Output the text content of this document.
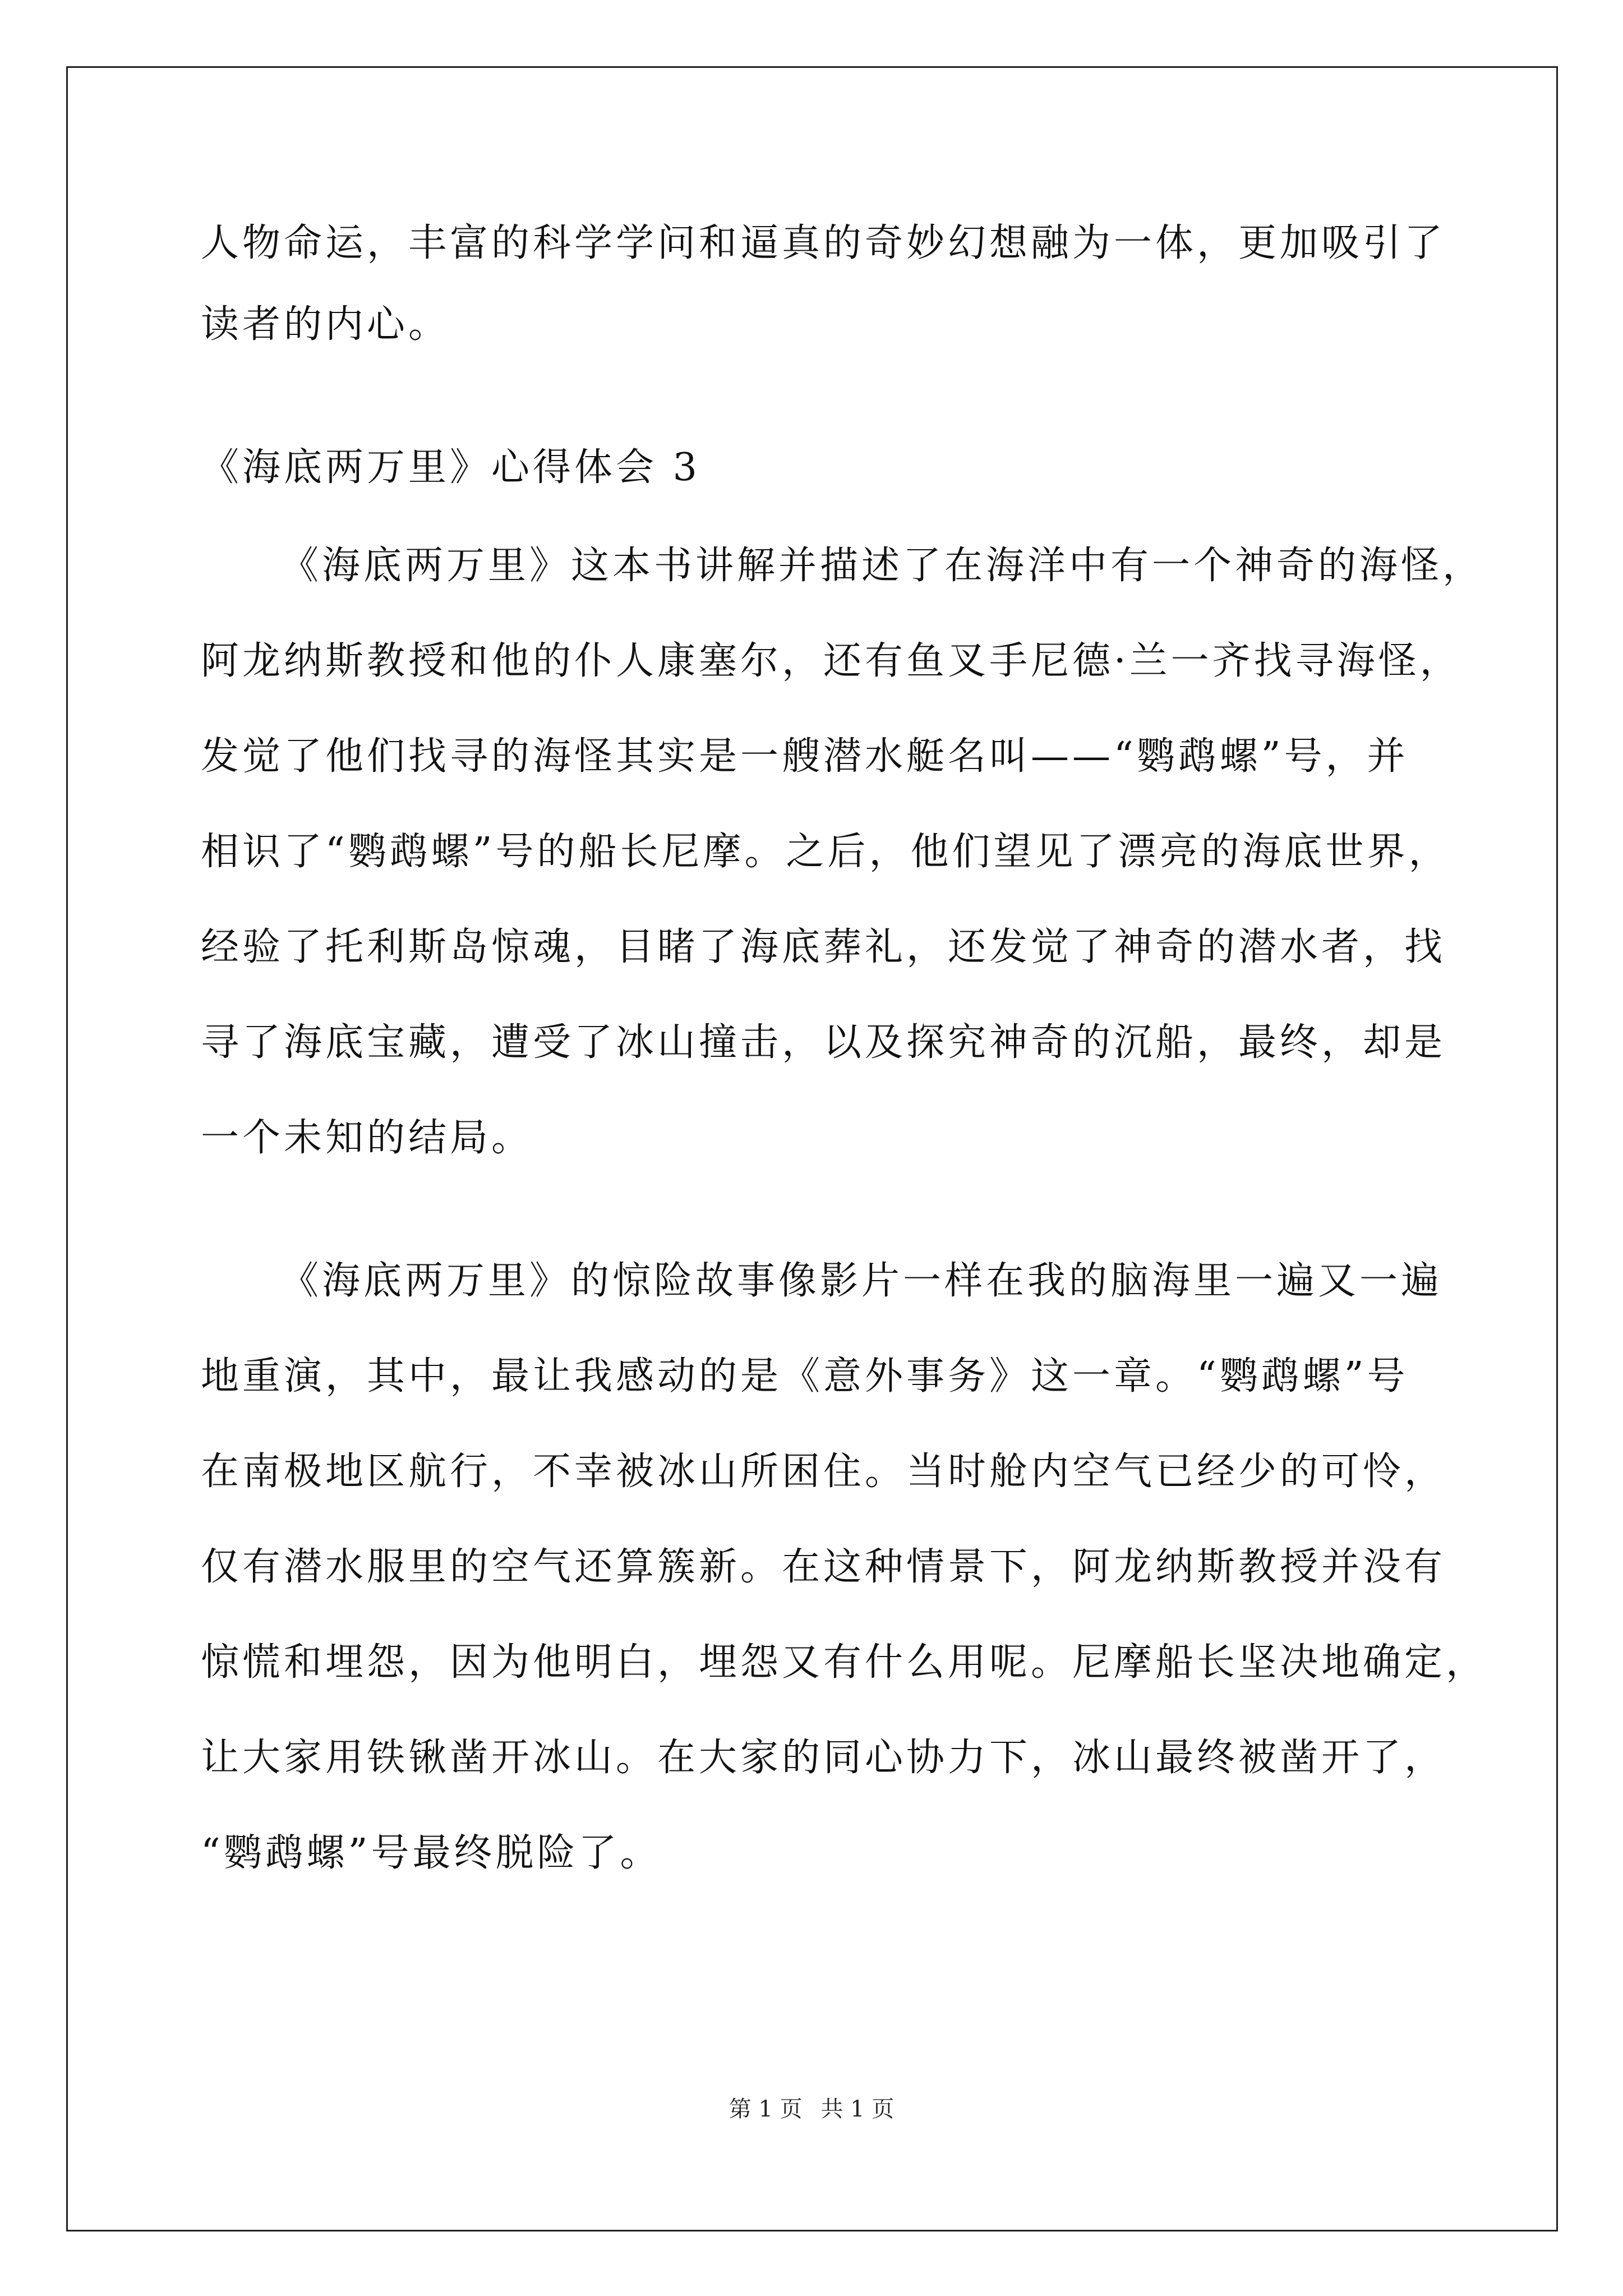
人物命运，丰富的科学学问和逼真的奇妙幻想融为一体，更加吸引了
读者的内心。
《海底两万里》心得体会 3
《海底两万里》这本书讲解并描述了在海洋中有一个神奇的海怪，
阿龙纳斯教授和他的仆人康塞尔，还有鱼叉手尼德·兰一齐找寻海怪，
发觉了他们找寻的海怪其实是一艘潜水艇名叫——“鹦鹉螺”号，并
相识了“鹦鹉螺”号的船长尼摩。之后，他们望见了漂亮的海底世界，
经验了托利斯岛惊魂，目睹了海底葬礼，还发觉了神奇的潜水者，找
寻了海底宝藏，遭受了冰山撞击，以及探究神奇的沉船，最终，却是
一个未知的结局。
《海底两万里》的惊险故事像影片一样在我的脑海里一遍又一遍
地重演，其中，最让我感动的是《意外事务》这一章。“鹦鹉螺”号
在南极地区航行，不幸被冰山所困住。当时舱内空气已经少的可怜，
仅有潜水服里的空气还算簇新。在这种情景下，阿龙纳斯教授并没有
惊慌和埋怨，因为他明白，埋怨又有什么用呢。尼摩船长坚决地确定，
让大家用铁锹凿开冰山。在大家的同心协力下，冰山最终被凿开了，
“鹦鹉螺”号最终脱险了。
第 1 页 共 1 页
